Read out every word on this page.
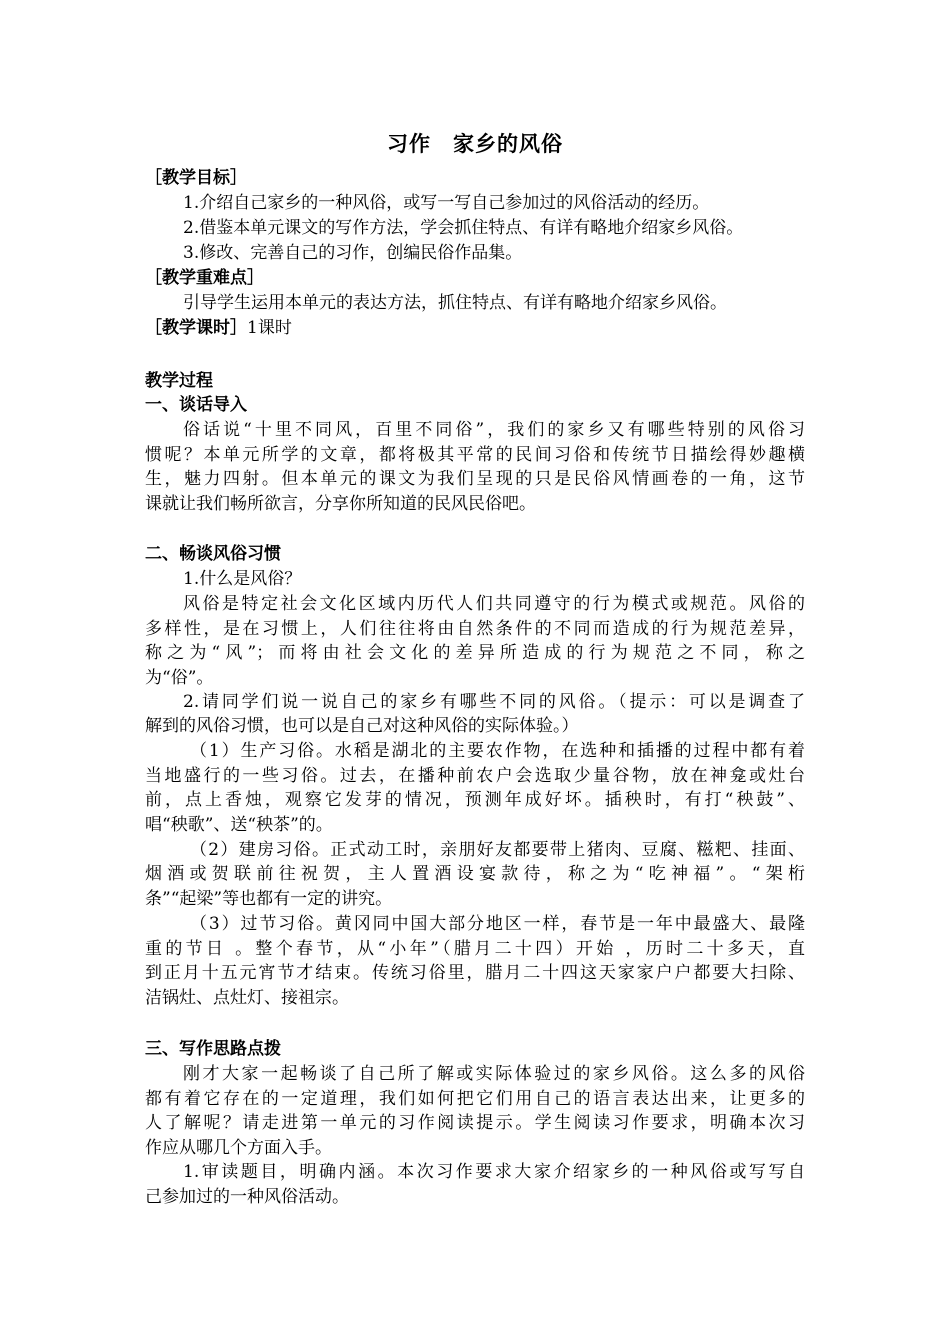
习作 家乡的风俗
［教学目标］
1.介绍自己家乡的一种风俗，或写一写自己参加过的风俗活动的经历。
2.借鉴本单元课文的写作方法，学会抓住特点、有详有略地介绍家乡风俗。
3.修改、完善自己的习作，创编民俗作品集。
［教学重难点］
引导学生运用本单元的表达方法，抓住特点、有详有略地介绍家乡风俗。
［教学课时］1课时
教学过程
一、谈话导入
俗话说“十里不同风，百里不同俗”，我们的家乡又有哪些特别的风俗习
惯呢？本单元所学的文章，都将极其平常的民间习俗和传统节日描绘得妙趣横
生，魅力四射。但本单元的课文为我们呈现的只是民俗风情画卷的一角，这节
课就让我们畅所欲言，分享你所知道的民风民俗吧。
二、畅谈风俗习惯
1.什么是风俗？
风俗是特定社会文化区域内历代人们共同遵守的行为模式或规范。风俗的
多样性，是在习惯上，人们往往将由自然条件的不同而造成的行为规范差异，
称之为“风”；而将由社会文化的差异所造成的行为规范之不同，称之
为“俗”。
2.请同学们说一说自己的家乡有哪些不同的风俗。（提示：可以是调查了
解到的风俗习惯，也可以是自己对这种风俗的实际体验。）
（1）生产习俗。水稻是湖北的主要农作物，在选种和插播的过程中都有着
当地盛行的一些习俗。过去，在播种前农户会选取少量谷物，放在神龛或灶台
前，点上香烛，观察它发芽的情况，预测年成好坏。插秧时，有打“秧鼓”、
唱“秧歌”、送“秧茶”的。
（2）建房习俗。正式动工时，亲朋好友都要带上猪肉、豆腐、糍粑、挂面、
烟酒或贺联前往祝贺，主人置酒设宴款待，称之为“吃神福”。“架桁
条”“起梁”等也都有一定的讲究。
（3）过节习俗。黄冈同中国大部分地区一样，春节是一年中最盛大、最隆
重的节日 。整个春节，从“小年”（腊月二十四）开始 ，历时二十多天，直
到正月十五元宵节才结束。传统习俗里，腊月二十四这天家家户户都要大扫除、
洁锅灶、点灶灯、接祖宗。
三、写作思路点拨
刚才大家一起畅谈了自己所了解或实际体验过的家乡风俗。这么多的风俗
都有着它存在的一定道理，我们如何把它们用自己的语言表达出来，让更多的
人了解呢？请走进第一单元的习作阅读提示。学生阅读习作要求，明确本次习
作应从哪几个方面入手。
1.审读题目，明确内涵。本次习作要求大家介绍家乡的一种风俗或写写自
己参加过的一种风俗活动。
